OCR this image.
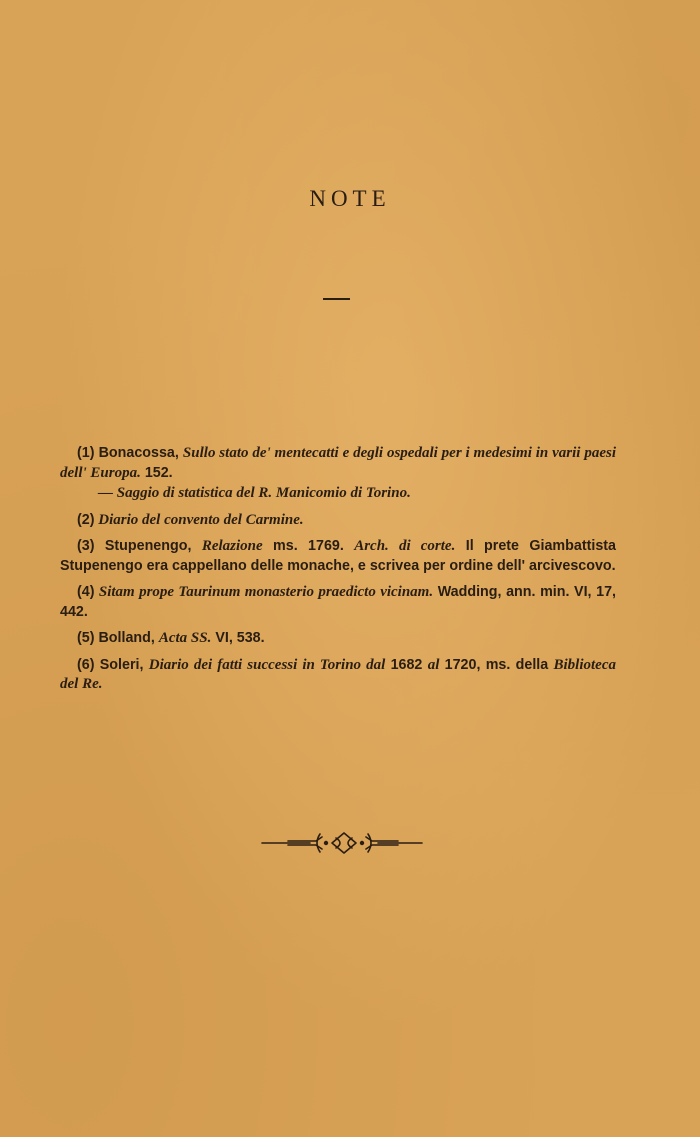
NOTE

(1) Bonacossa, Sullo stato de' mentecatti e degli ospedali per i medesimi in varii paesi dell' Europa. 152.

— Saggio di statistica del R. Manicomio di Torino.

(2) Diario del convento del Carmine.

(3) Stupenengo, Relazione ms. 1769. Arch. di corte. Il prete Giambattista Stupenengo era cappellano delle monache, e scrivea per ordine dell' arcivescovo.

(4) Sitam prope Taurinum monasterio praedicto vicinam. Wadding, ann. min. VI, 17, 442.

(5) Bolland, Acta SS. VI, 538.

(6) Soleri, Diario dei fatti successi in Torino dal 1682 al 1720, ms. della Biblioteca del Re.
